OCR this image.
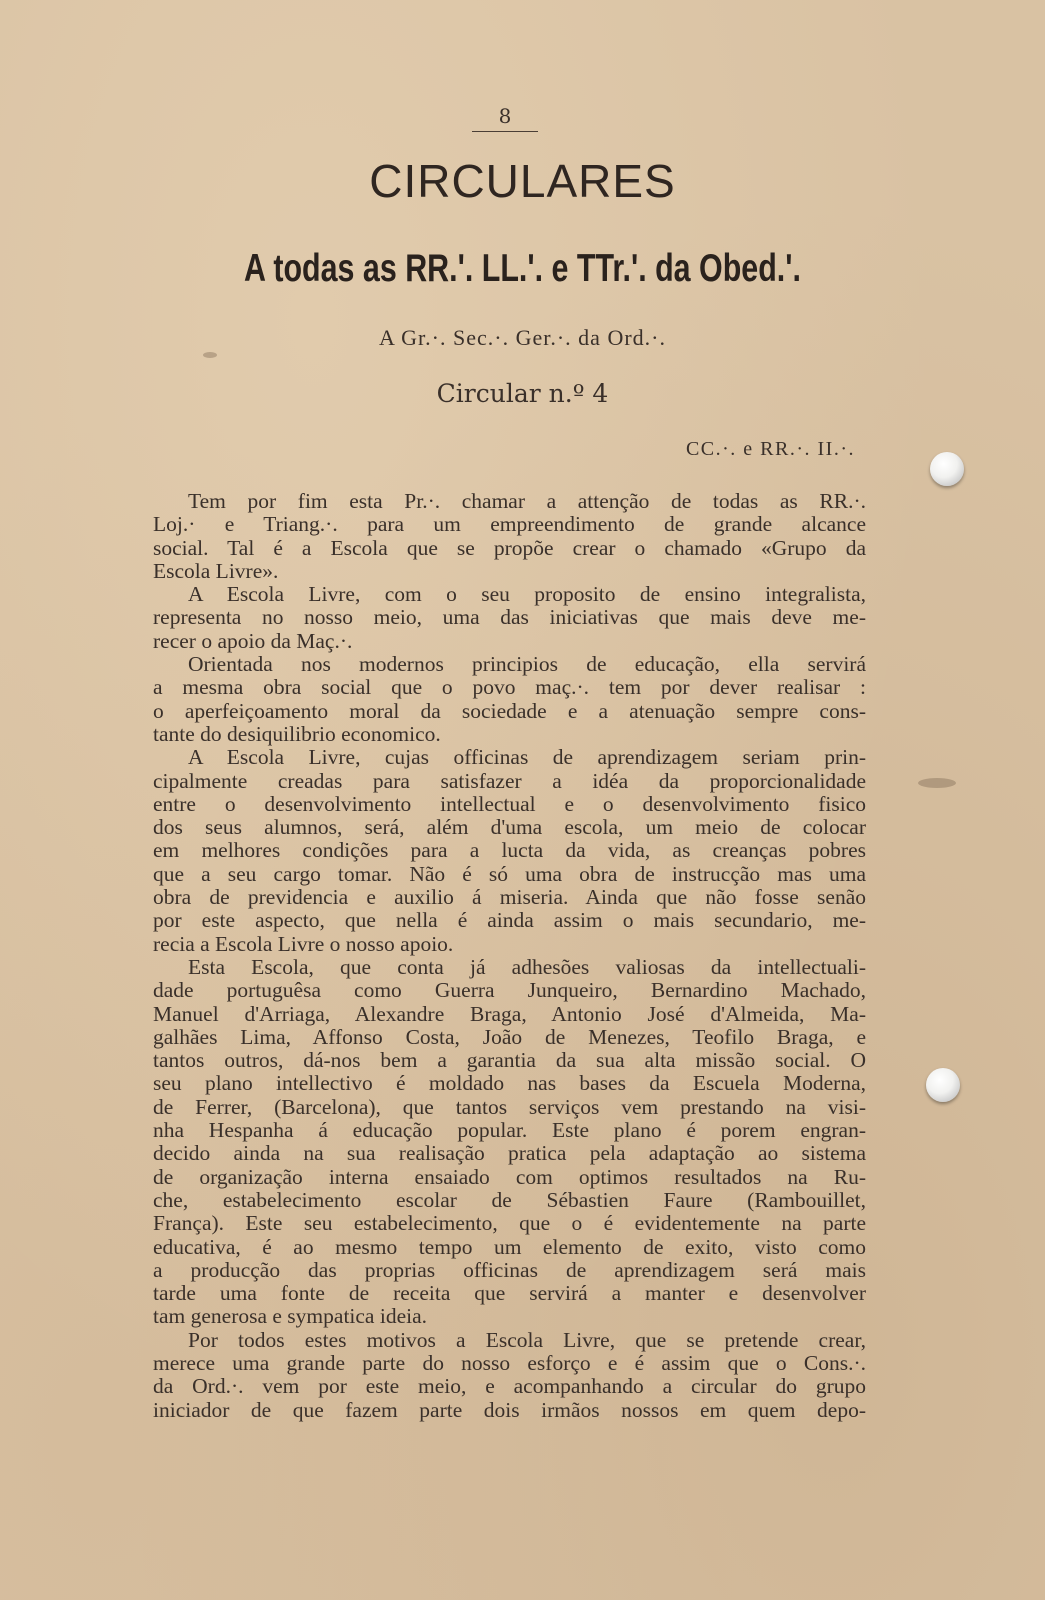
8
CIRCULARES
A todas as RR.'. LL.'. e TTr.'. da Obed.'.
A Gr.·. Sec.·. Ger.·. da Ord.·.
Circular n.º 4
CC.·. e RR.·. II.·.
Tem por fim esta Pr.·. chamar a attenção de todas as RR.·.
Loj.· e Triang.·. para um empreendimento de grande alcance
social. Tal é a Escola que se propõe crear o chamado «Grupo da
Escola Livre».
A Escola Livre, com o seu proposito de ensino integralista,
representa no nosso meio, uma das iniciativas que mais deve me-
recer o apoio da Maç.·.
Orientada nos modernos principios de educação, ella servirá
a mesma obra social que o povo maç.·. tem por dever realisar :
o aperfeiçoamento moral da sociedade e a atenuação sempre cons-
tante do desiquilibrio economico.
A Escola Livre, cujas officinas de aprendizagem seriam prin-
cipalmente creadas para satisfazer a idéa da proporcionalidade
entre o desenvolvimento intellectual e o desenvolvimento fisico
dos seus alumnos, será, além d'uma escola, um meio de colocar
em melhores condições para a lucta da vida, as creanças pobres
que a seu cargo tomar. Não é só uma obra de instrucção mas uma
obra de previdencia e auxilio á miseria. Ainda que não fosse senão
por este aspecto, que nella é ainda assim o mais secundario, me-
recia a Escola Livre o nosso apoio.
Esta Escola, que conta já adhesões valiosas da intellectuali-
dade portuguêsa como Guerra Junqueiro, Bernardino Machado,
Manuel d'Arriaga, Alexandre Braga, Antonio José d'Almeida, Ma-
galhães Lima, Affonso Costa, João de Menezes, Teofilo Braga, e
tantos outros, dá-nos bem a garantia da sua alta missão social. O
seu plano intellectivo é moldado nas bases da Escuela Moderna,
de Ferrer, (Barcelona), que tantos serviços vem prestando na visi-
nha Hespanha á educação popular. Este plano é porem engran-
decido ainda na sua realisação pratica pela adaptação ao sistema
de organização interna ensaiado com optimos resultados na Ru-
che, estabelecimento escolar de Sébastien Faure (Rambouillet,
França). Este seu estabelecimento, que o é evidentemente na parte
educativa, é ao mesmo tempo um elemento de exito, visto como
a producção das proprias officinas de aprendizagem será mais
tarde uma fonte de receita que servirá a manter e desenvolver
tam generosa e sympatica ideia.
Por todos estes motivos a Escola Livre, que se pretende crear,
merece uma grande parte do nosso esforço e é assim que o Cons.·.
da Ord.·. vem por este meio, e acompanhando a circular do grupo
iniciador de que fazem parte dois irmãos nossos em quem depo-
